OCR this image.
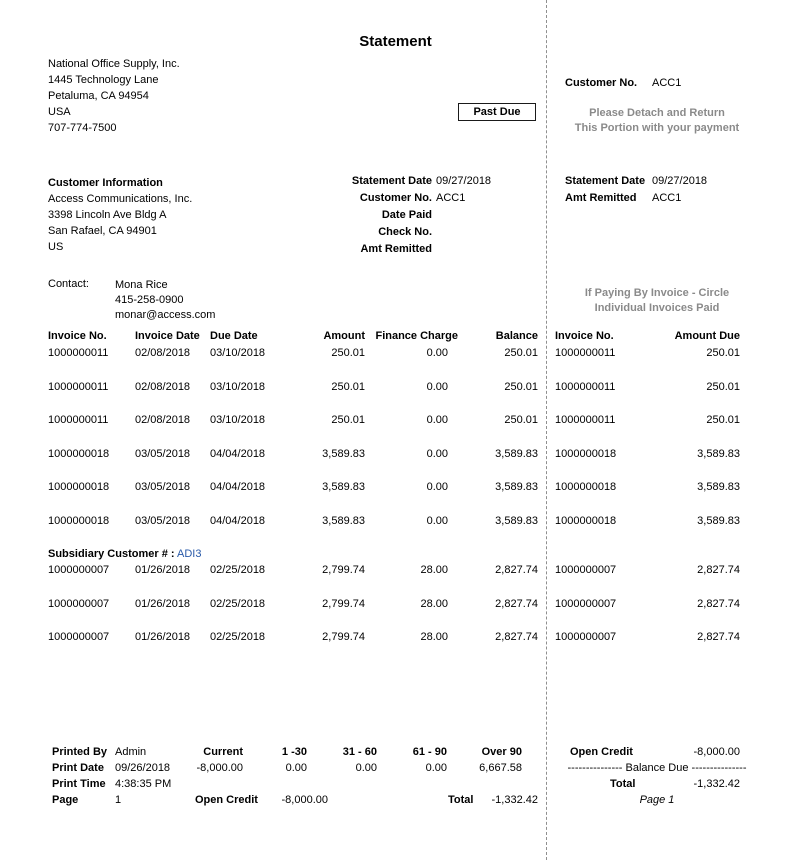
Statement
National Office Supply, Inc.
1445 Technology Lane
Petaluma, CA 94954
USA
707-774-7500
Customer No. ACC1
Past Due	Please Detach and Return
This Portion with your payment
Customer Information
Access Communications, Inc.
3398 Lincoln Ave Bldg A
San Rafael, CA 94901
US
Statement Date 09/27/2018
Customer No. ACC1
Date Paid
Check No.
Amt Remitted
Statement Date 09/27/2018
Amt Remitted ACC1
Contact: Mona Rice
415-258-0900
monar@access.com
If Paying By Invoice - Circle
Individual Invoices Paid
Invoice No.	Invoice Date Due Date	Amount Finance Charge	Balance Invoice No.	Amount Due
1000000011 02/08/2018 03/10/2018	250.01	0.00	250.01 1000000011	250.01
1000000011 02/08/2018 03/10/2018	250.01	0.00	250.01 1000000011	250.01
1000000011 02/08/2018 03/10/2018	250.01	0.00	250.01 1000000011	250.01
1000000018 03/05/2018 04/04/2018	3,589.83	0.00	3,589.83 1000000018	3,589.83
1000000018 03/05/2018 04/04/2018	3,589.83	0.00	3,589.83 1000000018	3,589.83
1000000018 03/05/2018 04/04/2018	3,589.83	0.00	3,589.83 1000000018	3,589.83
Subsidiary Customer # : ADI3
1000000007 01/26/2018 02/25/2018	2,799.74	28.00	2,827.74 1000000007	2,827.74
1000000007 01/26/2018 02/25/2018	2,799.74	28.00	2,827.74 1000000007	2,827.74
1000000007 01/26/2018 02/25/2018	2,799.74	28.00	2,827.74 1000000007	2,827.74
Printed By Admin	Current	1 -30	31 - 60	61 - 90	Over 90	Open Credit	-8,000.00
Print Date 09/26/2018	-8,000.00	0.00	0.00	0.00	6,667.58	--------------- Balance Due ---------------
Print Time 4:38:35 PM	Total	-1,332.42
Page	1	Open Credit	-8,000.00	Total	-1,332.42	Page 1
